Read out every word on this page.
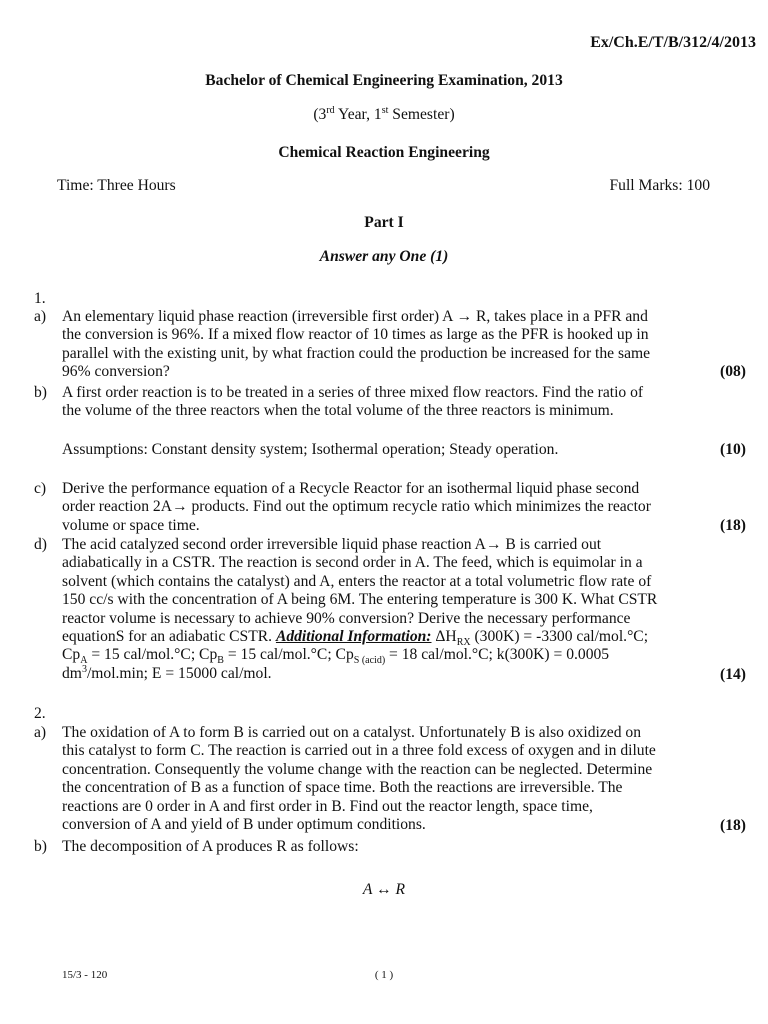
Ex/Ch.E/T/B/312/4/2013
Bachelor of Chemical Engineering Examination, 2013
(3rd Year, 1st Semester)
Chemical Reaction Engineering
Time: Three Hours	Full Marks: 100
Part I
Answer any One (1)
1.
a) An elementary liquid phase reaction (irreversible first order) A → R, takes place in a PFR and
the conversion is 96%. If a mixed flow reactor of 10 times as large as the PFR is hooked up in
parallel with the existing unit, by what fraction could the production be increased for the same
96% conversion?	(08)
b) A first order reaction is to be treated in a series of three mixed flow reactors. Find the ratio of
the volume of the three reactors when the total volume of the three reactors is minimum.
Assumptions: Constant density system; Isothermal operation; Steady operation.	(10)
c) Derive the performance equation of a Recycle Reactor for an isothermal liquid phase second
order reaction 2A→ products. Find out the optimum recycle ratio which minimizes the reactor
volume or space time.	(18)
d) The acid catalyzed second order irreversible liquid phase reaction A→ B is carried out
adiabatically in a CSTR. The reaction is second order in A. The feed, which is equimolar in a
solvent (which contains the catalyst) and A, enters the reactor at a total volumetric flow rate of
150 cc/s with the concentration of A being 6M. The entering temperature is 300 K. What CSTR
reactor volume is necessary to achieve 90% conversion? Derive the necessary performance
equationS for an adiabatic CSTR. Additional Information: $\Delta H_{RX}$ (300K) = -3300 cal/mol.°C;
$Cp_A = 15$ cal/mol.°C; $Cp_B = 15$ cal/mol.°C; $Cp_{S (acid)} = 18$ cal/mol.°C; k(300K) = 0.0005
$dm^3/mol.\min$; E = 15000 cal/mol.	(14)
2.
a) The oxidation of A to form B is carried out on a catalyst. Unfortunately B is also oxidized on
this catalyst to form C. The reaction is carried out in a three fold excess of oxygen and in dilute
concentration. Consequently the volume change with the reaction can be neglected. Determine
the concentration of B as a function of space time. Both the reactions are irreversible. The
reactions are 0 order in A and first order in B. Find out the reactor length, space time,
conversion of A and yield of B under optimum conditions.	(18)
b) The decomposition of A produces R as follows:
A ↔ R
15/3 - 120	( 1 )
